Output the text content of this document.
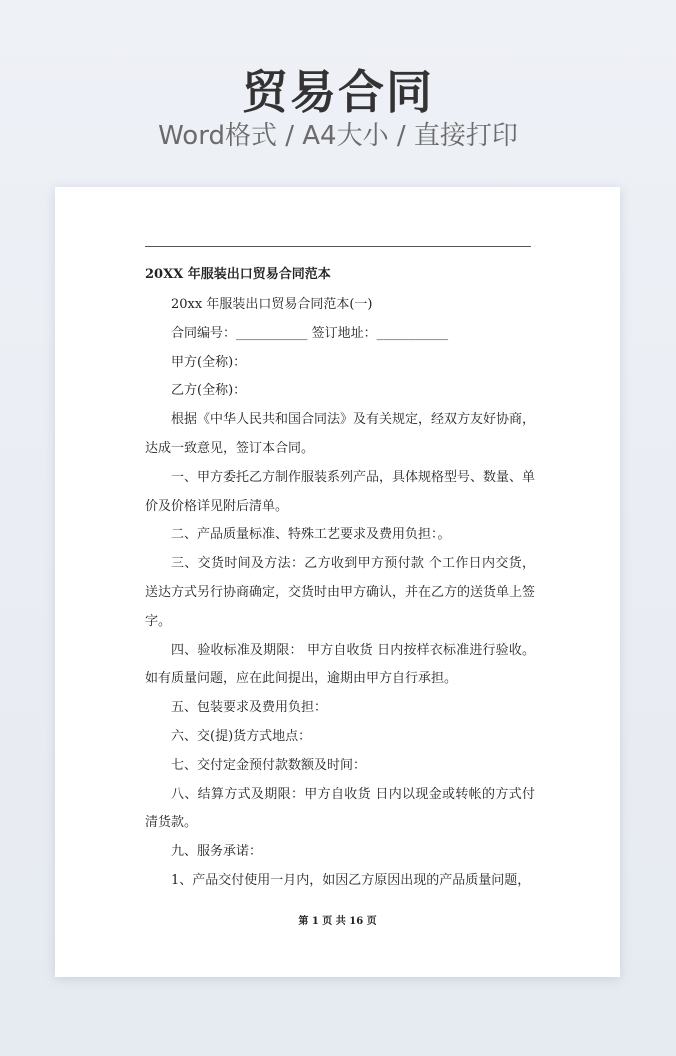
贸易合同
Word格式 / A4大小 / 直接打印
20XX 年服装出口贸易合同范本

20xx 年服装出口贸易合同范本(一)

合同编号：___________ 签订地址：___________

甲方(全称)：

乙方(全称)：

根据《中华人民共和国合同法》及有关规定，经双方友好协商，达成一致意见，签订本合同。

一、甲方委托乙方制作服装系列产品，具体规格型号、数量、单价及价格详见附后清单。

二、产品质量标准、特殊工艺要求及费用负担：。

三、交货时间及方法：乙方收到甲方预付款 个工作日内交货，送达方式另行协商确定，交货时由甲方确认，并在乙方的送货单上签字。

四、验收标准及期限： 甲方自收货 日内按样衣标准进行验收。如有质量问题，应在此间提出，逾期由甲方自行承担。

五、包装要求及费用负担：

六、交(提)货方式地点：

七、交付定金预付款数额及时间：

八、结算方式及期限：甲方自收货 日内以现金或转帐的方式付清货款。

九、服务承诺：

1、产品交付使用一月内，如因乙方原因出现的产品质量问题，

第 1 页 共 16 页
